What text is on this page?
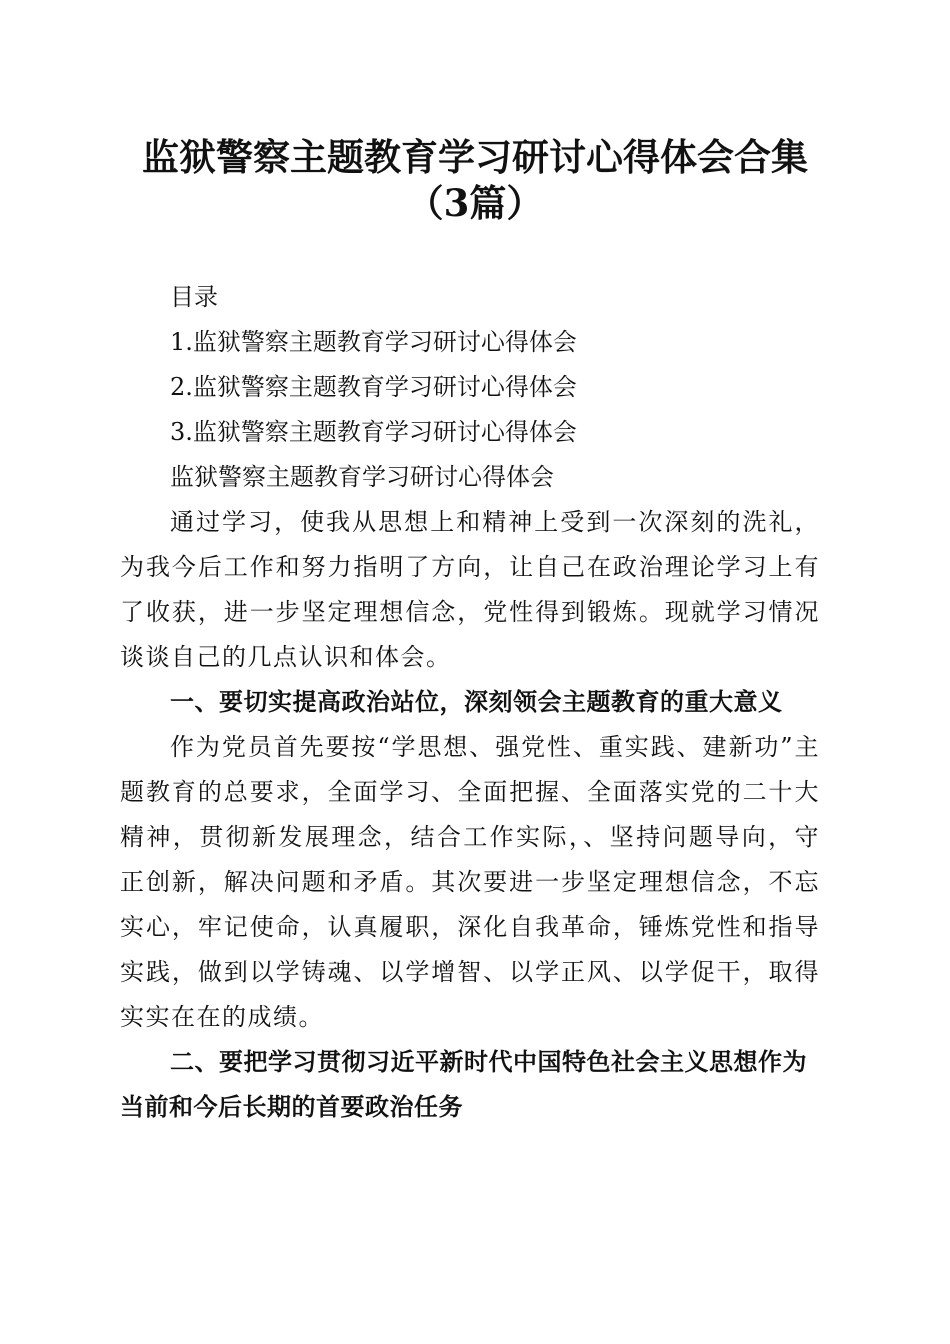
监狱警察主题教育学习研讨心得体会合集（3篇）

目录

1.监狱警察主题教育学习研讨心得体会

2.监狱警察主题教育学习研讨心得体会

3.监狱警察主题教育学习研讨心得体会

监狱警察主题教育学习研讨心得体会

通过学习，使我从思想上和精神上受到一次深刻的洗礼，为我今后工作和努力指明了方向，让自己在政治理论学习上有了收获，进一步坚定理想信念，党性得到锻炼。现就学习情况谈谈自己的几点认识和体会。

一、要切实提高政治站位，深刻领会主题教育的重大意义

作为党员首先要按“学思想、强党性、重实践、建新功”主题教育的总要求，全面学习、全面把握、全面落实党的二十大精神，贯彻新发展理念，结合工作实际，、坚持问题导向，守正创新，解决问题和矛盾。其次要进一步坚定理想信念，不忘实心，牢记使命，认真履职，深化自我革命，锤炼党性和指导实践，做到以学铸魂、以学增智、以学正风、以学促干，取得实实在在的成绩。

二、要把学习贯彻习近平新时代中国特色社会主义思想作为当前和今后长期的首要政治任务
